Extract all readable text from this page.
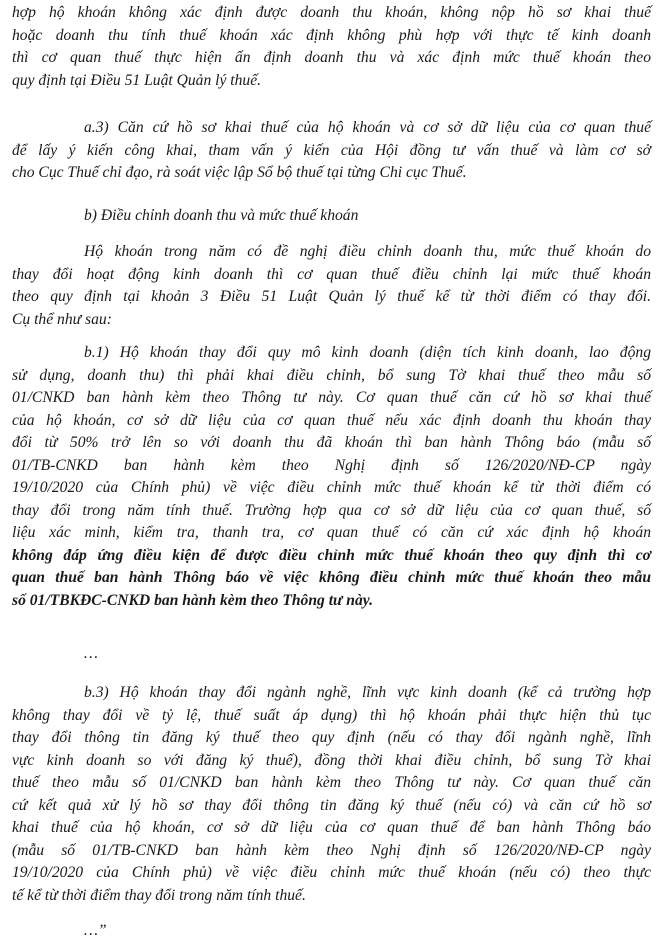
hợp hộ khoán không xác định được doanh thu khoán, không nộp hồ sơ khai thuế
hoặc doanh thu tính thuế khoán xác định không phù hợp với thực tế kinh doanh
thì cơ quan thuế thực hiện ấn định doanh thu và xác định mức thuế khoán theo
quy định tại Điều 51 Luật Quản lý thuế.
a.3) Căn cứ hồ sơ khai thuế của hộ khoán và cơ sở dữ liệu của cơ quan thuế
để lấy ý kiến công khai, tham vấn ý kiến của Hội đồng tư vấn thuế và làm cơ sở
cho Cục Thuế chỉ đạo, rà soát việc lập Sổ bộ thuế tại từng Chi cục Thuế.
b) Điều chỉnh doanh thu và mức thuế khoán
Hộ khoán trong năm có đề nghị điều chỉnh doanh thu, mức thuế khoán do
thay đổi hoạt động kinh doanh thì cơ quan thuế điều chỉnh lại mức thuế khoán
theo quy định tại khoản 3 Điều 51 Luật Quản lý thuế kể từ thời điểm có thay đổi.
Cụ thể như sau:
b.1) Hộ khoán thay đổi quy mô kinh doanh (diện tích kinh doanh, lao động
sử dụng, doanh thu) thì phải khai điều chỉnh, bổ sung Tờ khai thuế theo mẫu số
01/CNKD ban hành kèm theo Thông tư này. Cơ quan thuế căn cứ hồ sơ khai thuế
của hộ khoán, cơ sở dữ liệu của cơ quan thuế nếu xác định doanh thu khoán thay
đổi từ 50% trở lên so với doanh thu đã khoán thì ban hành Thông báo (mẫu số
01/TB-CNKD ban hành kèm theo Nghị định số 126/2020/NĐ-CP ngày
19/10/2020 của Chính phủ) về việc điều chỉnh mức thuế khoán kể từ thời điểm có
thay đổi trong năm tính thuế. Trường hợp qua cơ sở dữ liệu của cơ quan thuế, số
liệu xác minh, kiểm tra, thanh tra, cơ quan thuế có căn cứ xác định hộ khoán
không đáp ứng điều kiện để được điều chỉnh mức thuế khoán theo quy định thì cơ
quan thuế ban hành Thông báo về việc không điều chỉnh mức thuế khoán theo mẫu
số 01/TBKĐC-CNKD ban hành kèm theo Thông tư này.
…
b.3) Hộ khoán thay đổi ngành nghề, lĩnh vực kinh doanh (kể cả trường hợp
không thay đổi về tỷ lệ, thuế suất áp dụng) thì hộ khoán phải thực hiện thủ tục
thay đổi thông tin đăng ký thuế theo quy định (nếu có thay đổi ngành nghề, lĩnh
vực kinh doanh so với đăng ký thuế), đồng thời khai điều chỉnh, bổ sung Tờ khai
thuế theo mẫu số 01/CNKD ban hành kèm theo Thông tư này. Cơ quan thuế căn
cứ kết quả xử lý hồ sơ thay đổi thông tin đăng ký thuế (nếu có) và căn cứ hồ sơ
khai thuế của hộ khoán, cơ sở dữ liệu của cơ quan thuế để ban hành Thông báo
(mẫu số 01/TB-CNKD ban hành kèm theo Nghị định số 126/2020/NĐ-CP ngày
19/10/2020 của Chính phủ) về việc điều chỉnh mức thuế khoán (nếu có) theo thực
tế kể từ thời điểm thay đổi trong năm tính thuế.
…”
